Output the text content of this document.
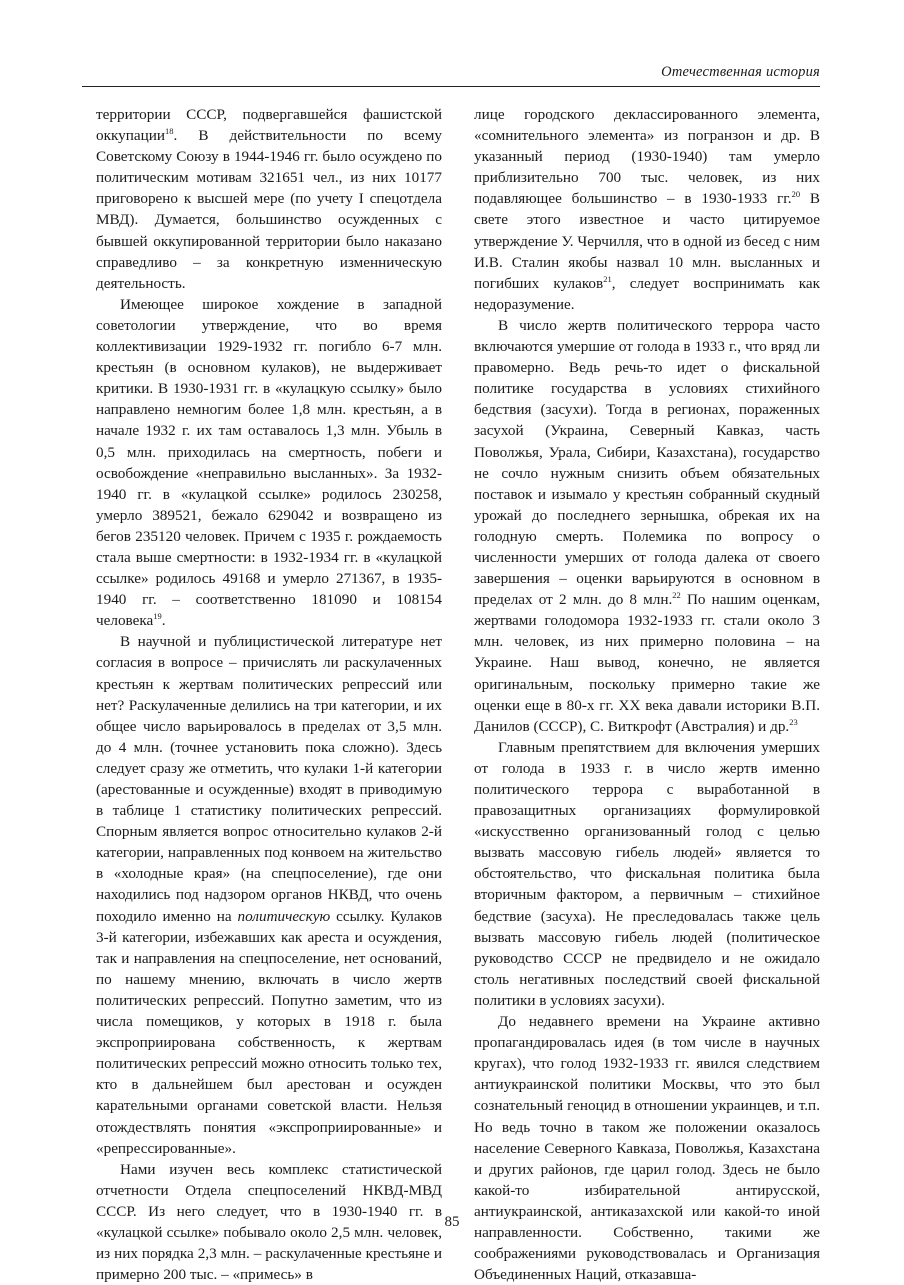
Отечественная история

территории СССР, подвергавшейся фашистской оккупации$^{18}$. В действительности по всему Советскому Союзу в 1944-1946 гг. было осуждено по политическим мотивам 321651 чел., из них 10177 приговорено к высшей мере (по учету I спецотдела МВД). Думается, большинство осужденных с бывшей оккупированной территории было наказано справедливо – за конкретную изменническую деятельность.

Имеющее широкое хождение в западной советологии утверждение, что во время коллективизации 1929-1932 гг. погибло 6-7 млн. крестьян (в основном кулаков), не выдерживает критики. В 1930-1931 гг. в «кулацкую ссылку» было направлено немногим более 1,8 млн. крестьян, а в начале 1932 г. их там оставалось 1,3 млн. Убыль в 0,5 млн. приходилась на смертность, побеги и освобождение «неправильно высланных». За 1932-1940 гг. в «кулацкой ссылке» родилось 230258, умерло 389521, бежало 629042 и возвращено из бегов 235120 человек. Причем с 1935 г. рождаемость стала выше смертности: в 1932-1934 гг. в «кулацкой ссылке» родилось 49168 и умерло 271367, в 1935-1940 гг. – соответственно 181090 и 108154 человека$^{19}$.

В научной и публицистической литературе нет согласия в вопросе – причислять ли раскулаченных крестьян к жертвам политических репрессий или нет? Раскулаченные делились на три категории, и их общее число варьировалось в пределах от 3,5 млн. до 4 млн. (точнее установить пока сложно). Здесь следует сразу же отметить, что кулаки 1-й категории (арестованные и осужденные) входят в приводимую в таблице 1 статистику политических репрессий. Спорным является вопрос относительно кулаков 2-й категории, направленных под конвоем на жительство в «холодные края» (на спецпоселение), где они находились под надзором органов НКВД, что очень походило именно на политическую ссылку. Кулаков 3-й категории, избежавших как ареста и осуждения, так и направления на спецпоселение, нет оснований, по нашему мнению, включать в число жертв политических репрессий. Попутно заметим, что из числа помещиков, у которых в 1918 г. была экспроприирована собственность, к жертвам политических репрессий можно относить только тех, кто в дальнейшем был арестован и осужден карательными органами советской власти. Нельзя отождествлять понятия «экспроприированные» и «репрессированные».

Нами изучен весь комплекс статистической отчетности Отдела спецпоселений НКВД-МВД СССР. Из него следует, что в 1930-1940 гг. в «кулацкой ссылке» побывало около 2,5 млн. человек, из них порядка 2,3 млн. – раскулаченные крестьяне и примерно 200 тыс. – «примесь» в

лице городского деклассированного элемента, «сомнительного элемента» из погранзон и др. В указанный период (1930-1940) там умерло приблизительно 700 тыс. человек, из них подавляющее большинство – в 1930-1933 гг.$^{20}$ В свете этого известное и часто цитируемое утверждение У. Черчилля, что в одной из бесед с ним И.В. Сталин якобы назвал 10 млн. высланных и погибших кулаков$^{21}$, следует воспринимать как недоразумение.

В число жертв политического террора часто включаются умершие от голода в 1933 г., что вряд ли правомерно. Ведь речь-то идет о фискальной политике государства в условиях стихийного бедствия (засухи). Тогда в регионах, пораженных засухой (Украина, Северный Кавказ, часть Поволжья, Урала, Сибири, Казахстана), государство не сочло нужным снизить объем обязательных поставок и изымало у крестьян собранный скудный урожай до последнего зернышка, обрекая их на голодную смерть. Полемика по вопросу о численности умерших от голода далека от своего завершения – оценки варьируются в основном в пределах от 2 млн. до 8 млн.$^{22}$ По нашим оценкам, жертвами голодомора 1932-1933 гг. стали около 3 млн. человек, из них примерно половина – на Украине. Наш вывод, конечно, не является оригинальным, поскольку примерно такие же оценки еще в 80-х гг. XX века давали историки В.П. Данилов (СССР), С. Виткрофт (Австралия) и др.$^{23}$

Главным препятствием для включения умерших от голода в 1933 г. в число жертв именно политического террора с выработанной в правозащитных организациях формулировкой «искусственно организованный голод с целью вызвать массовую гибель людей» является то обстоятельство, что фискальная политика была вторичным фактором, а первичным – стихийное бедствие (засуха). Не преследовалась также цель вызвать массовую гибель людей (политическое руководство СССР не предвидело и не ожидало столь негативных последствий своей фискальной политики в условиях засухи).

До недавнего времени на Украине активно пропагандировалась идея (в том числе в научных кругах), что голод 1932-1933 гг. явился следствием антиукраинской политики Москвы, что это был сознательный геноцид в отношении украинцев, и т.п. Но ведь точно в таком же положении оказалось население Северного Кавказа, Поволжья, Казахстана и других районов, где царил голод. Здесь не было какой-то избирательной антирусской, антиукраинской, антиказахской или какой-то иной направленности. Собственно, такими же соображениями руководствовалась и Организация Объединенных Наций, отказавша-

85
